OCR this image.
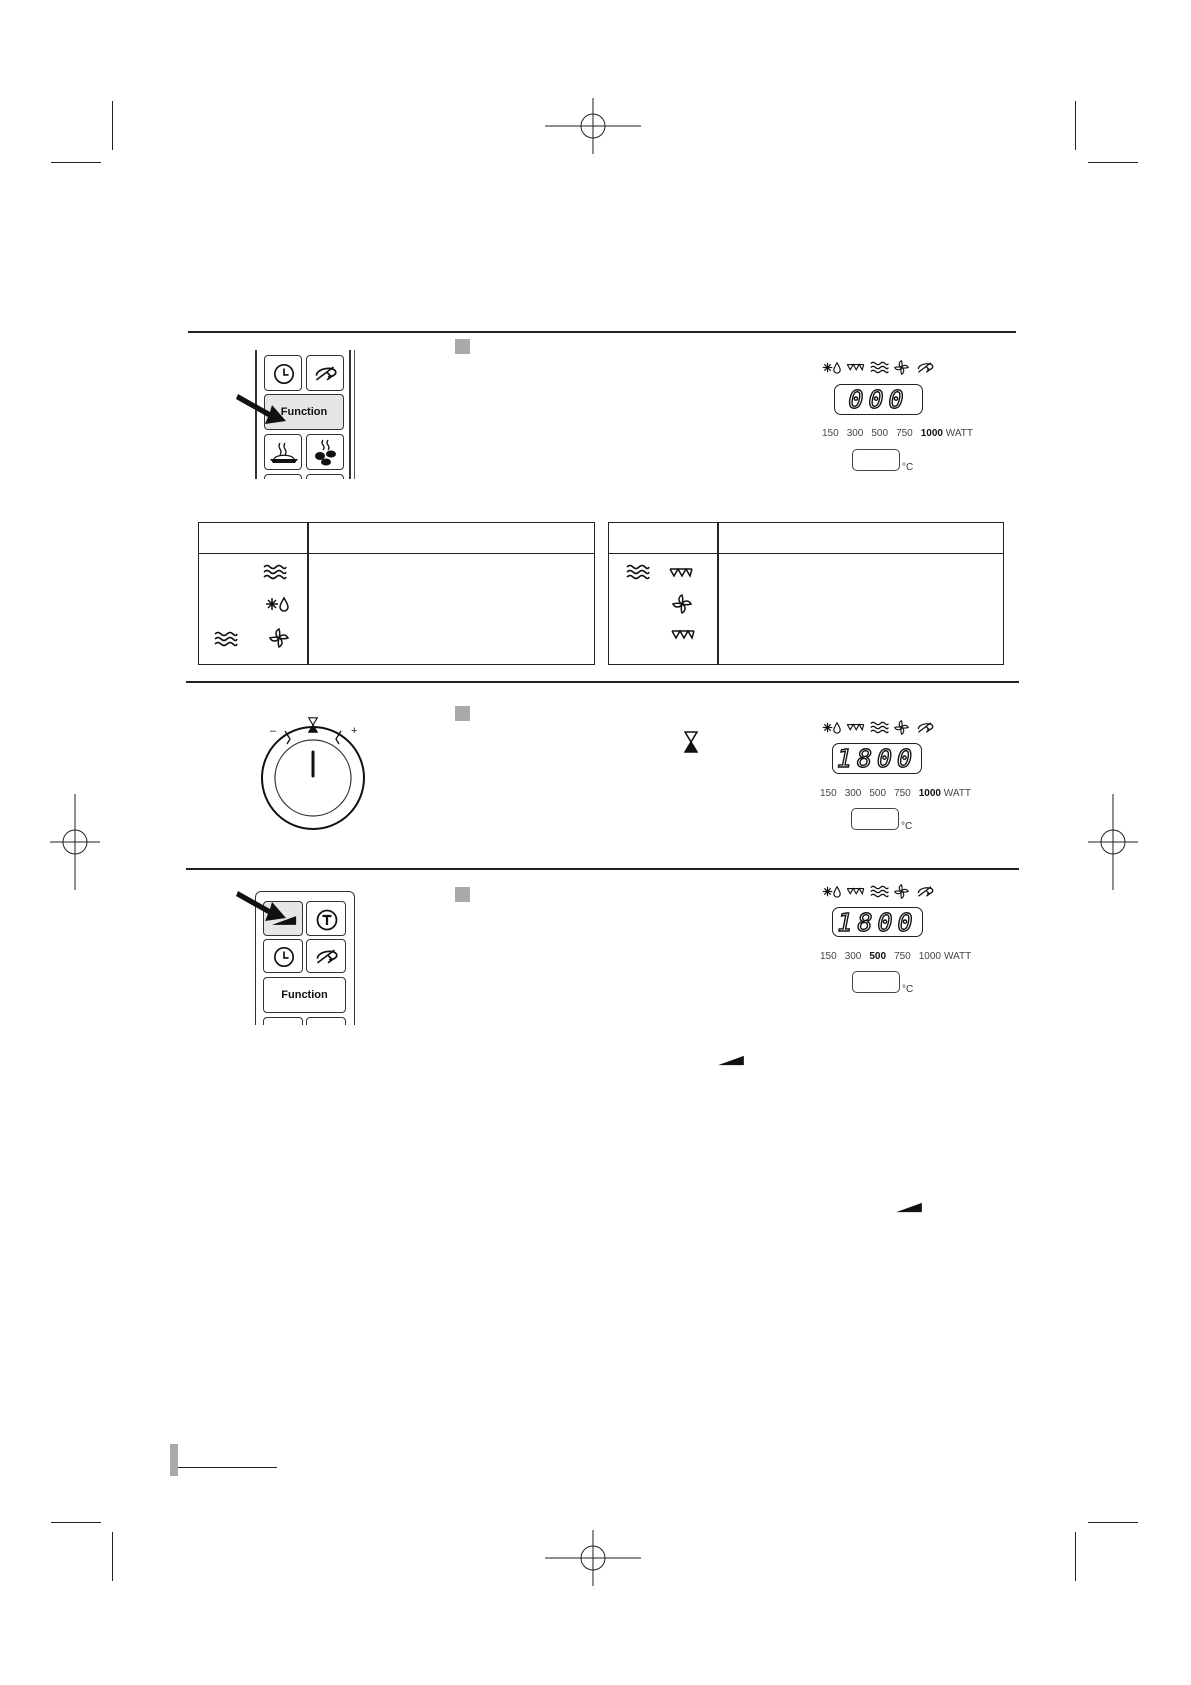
Function	000
150 300 500 750 1000 WATT
°C
–	+
1800
150 300 500 750 1000 WATT
°C
Function
1800
150 300 500 750 1000 WATT
°C
